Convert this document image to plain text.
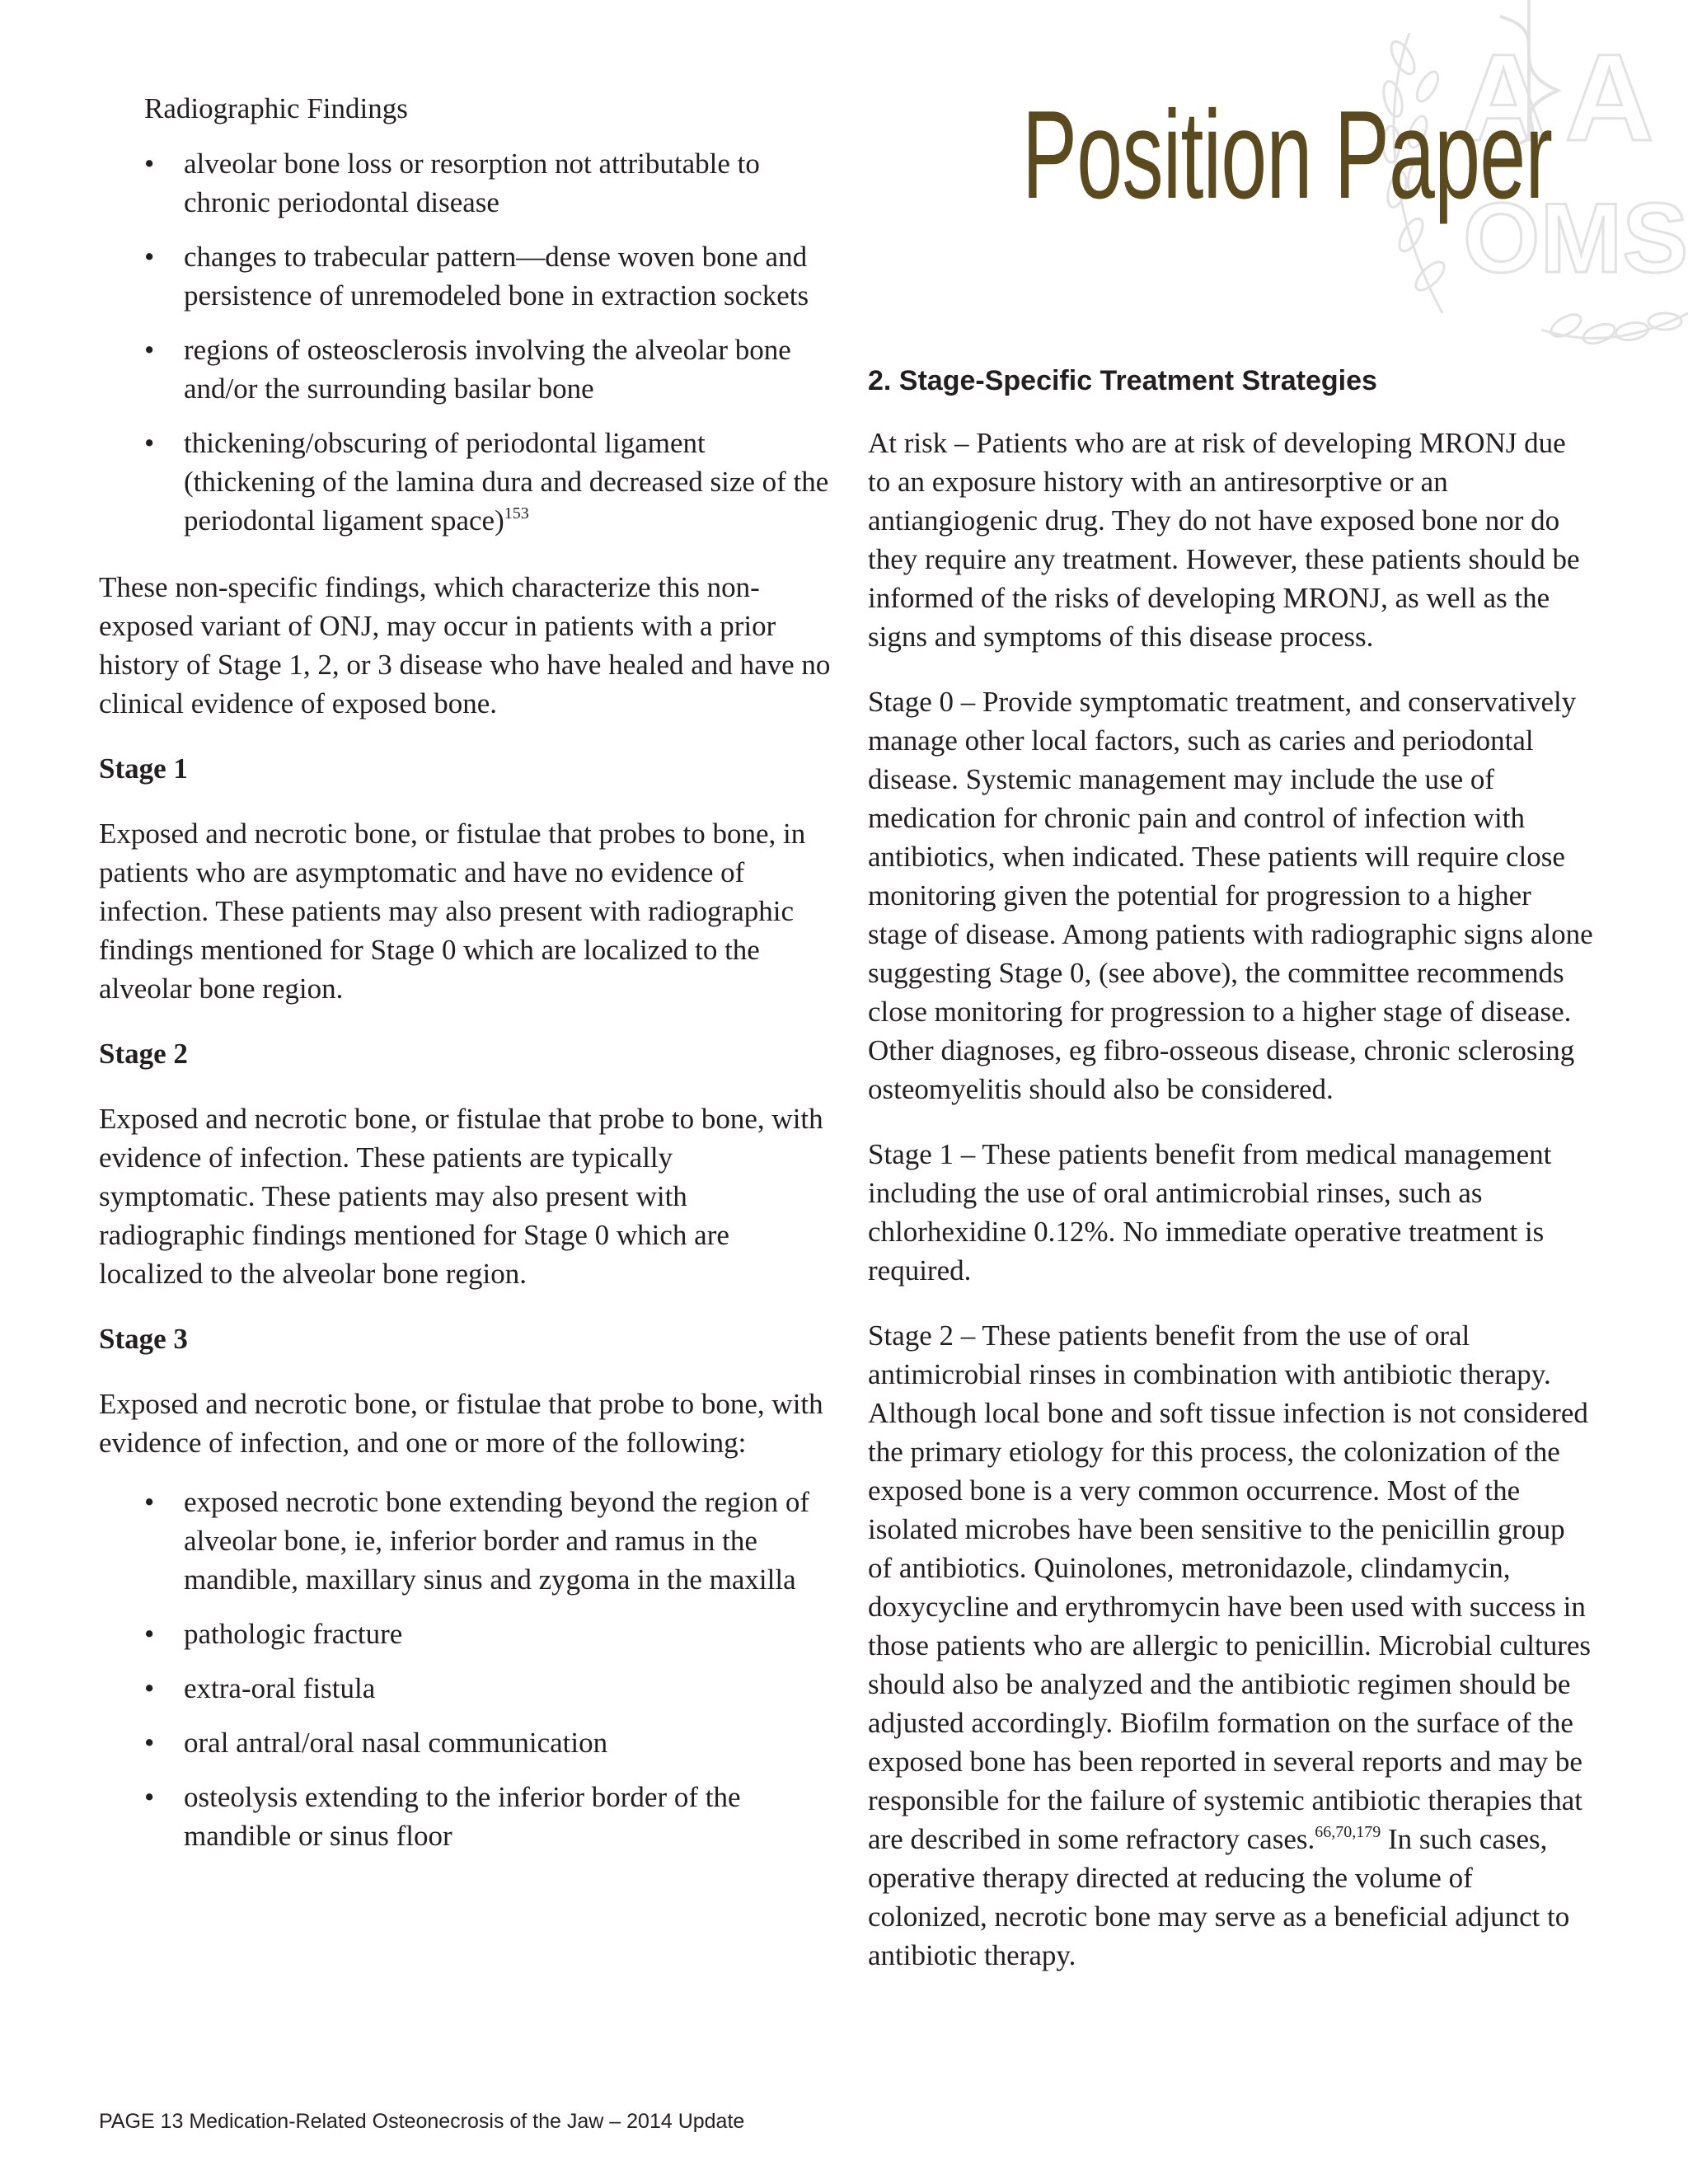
AA
OMS
Position Paper
Radiographic Findings
• alveolar bone loss or resorption not attributable to chronic periodontal disease
• changes to trabecular pattern—dense woven bone and persistence of unremodeled bone in extraction sockets
• regions of osteosclerosis involving the alveolar bone and/or the surrounding basilar bone
• thickening/obscuring of periodontal ligament (thickening of the lamina dura and decreased size of the periodontal ligament space)$^{153}$

These non-specific findings, which characterize this non-exposed variant of ONJ, may occur in patients with a prior history of Stage 1, 2, or 3 disease who have healed and have no clinical evidence of exposed bone.

Stage 1

Exposed and necrotic bone, or fistulae that probes to bone, in patients who are asymptomatic and have no evidence of infection. These patients may also present with radiographic findings mentioned for Stage 0 which are localized to the alveolar bone region.

Stage 2

Exposed and necrotic bone, or fistulae that probe to bone, with evidence of infection. These patients are typically symptomatic. These patients may also present with radiographic findings mentioned for Stage 0 which are localized to the alveolar bone region.

Stage 3

Exposed and necrotic bone, or fistulae that probe to bone, with evidence of infection, and one or more of the following:

• exposed necrotic bone extending beyond the region of alveolar bone, ie, inferior border and ramus in the mandible, maxillary sinus and zygoma in the maxilla
• pathologic fracture
• extra-oral fistula
• oral antral/oral nasal communication
• osteolysis extending to the inferior border of the mandible or sinus floor
2. Stage-Specific Treatment Strategies

At risk – Patients who are at risk of developing MRONJ due to an exposure history with an antiresorptive or an antiangiogenic drug. They do not have exposed bone nor do they require any treatment. However, these patients should be informed of the risks of developing MRONJ, as well as the signs and symptoms of this disease process.

Stage 0 – Provide symptomatic treatment, and conservatively manage other local factors, such as caries and periodontal disease. Systemic management may include the use of medication for chronic pain and control of infection with antibiotics, when indicated. These patients will require close monitoring given the potential for progression to a higher stage of disease. Among patients with radiographic signs alone suggesting Stage 0, (see above), the committee recommends close monitoring for progression to a higher stage of disease. Other diagnoses, eg fibro-osseous disease, chronic sclerosing osteomyelitis should also be considered.

Stage 1 – These patients benefit from medical management including the use of oral antimicrobial rinses, such as chlorhexidine 0.12%. No immediate operative treatment is required.

Stage 2 – These patients benefit from the use of oral antimicrobial rinses in combination with antibiotic therapy. Although local bone and soft tissue infection is not considered the primary etiology for this process, the colonization of the exposed bone is a very common occurrence. Most of the isolated microbes have been sensitive to the penicillin group of antibiotics. Quinolones, metronidazole, clindamycin, doxycycline and erythromycin have been used with success in those patients who are allergic to penicillin. Microbial cultures should also be analyzed and the antibiotic regimen should be adjusted accordingly. Biofilm formation on the surface of the exposed bone has been reported in several reports and may be responsible for the failure of systemic antibiotic therapies that are described in some refractory cases.$^{66,70,179}$ In such cases, operative therapy directed at reducing the volume of colonized, necrotic bone may serve as a beneficial adjunct to antibiotic therapy.

PAGE 13 Medication-Related Osteonecrosis of the Jaw – 2014 Update
